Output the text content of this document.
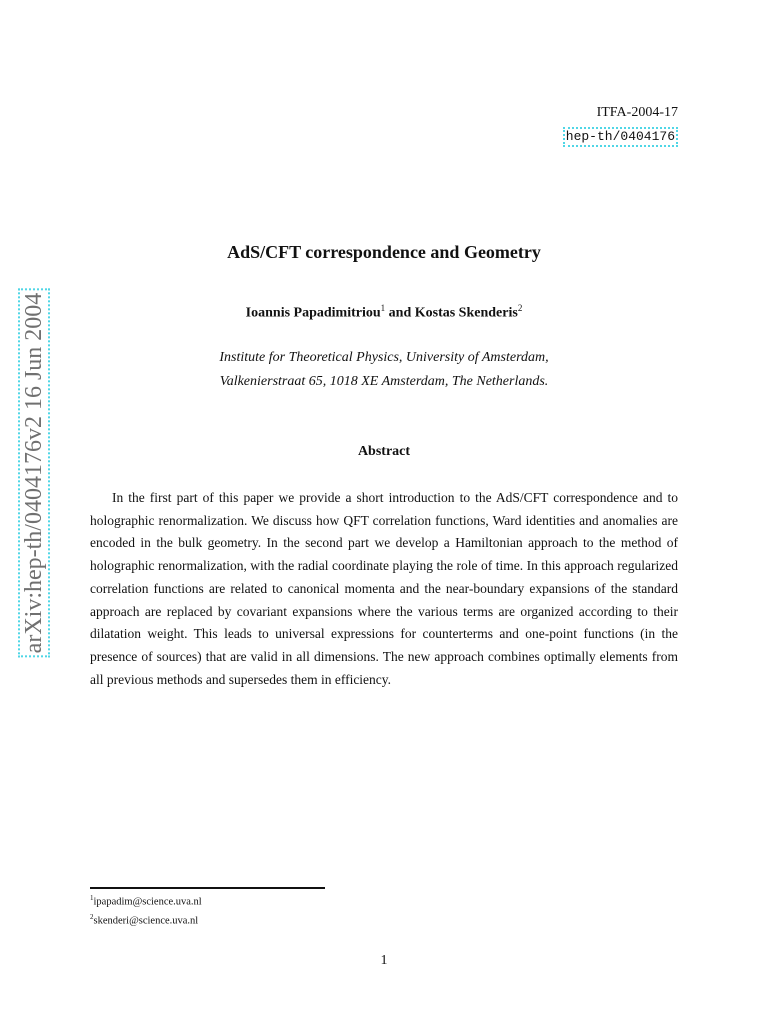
ITFA-2004-17
hep-th/0404176
arXiv:hep-th/0404176v2 16 Jun 2004
AdS/CFT correspondence and Geometry
Ioannis Papadimitriou$^1$ and Kostas Skenderis$^2$
Institute for Theoretical Physics, University of Amsterdam,
Valkenierstraat 65, 1018 XE Amsterdam, The Netherlands.
Abstract

In the first part of this paper we provide a short introduction to the AdS/CFT correspondence and to holographic renormalization. We discuss how QFT correlation functions, Ward identities and anomalies are encoded in the bulk geometry. In the second part we develop a Hamiltonian approach to the method of holographic renormalization, with the radial coordinate playing the role of time. In this approach regularized correlation functions are related to canonical momenta and the near-boundary expansions of the standard approach are replaced by covariant expansions where the various terms are organized according to their dilatation weight. This leads to universal expressions for counterterms and one-point functions (in the presence of sources) that are valid in all dimensions. The new approach combines optimally elements from all previous methods and supersedes them in efficiency.

$^1$ipapadim@science.uva.nl
$^2$skenderi@science.uva.nl
1
